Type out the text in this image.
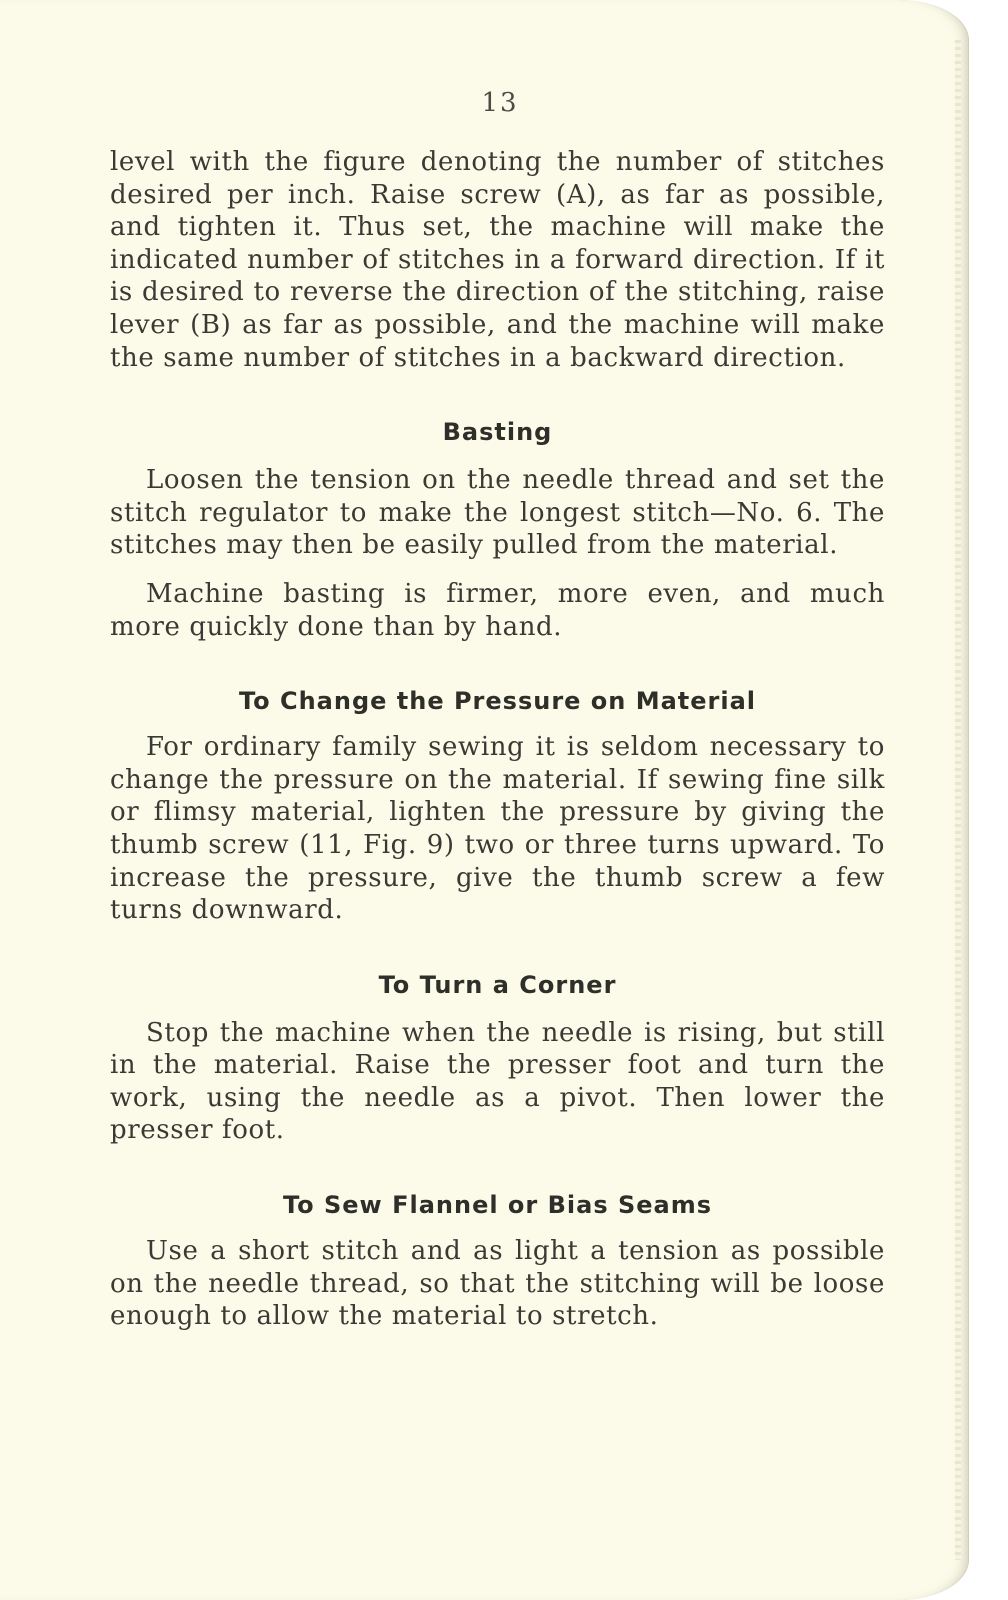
13

level with the figure denoting the number of stitches desired per inch. Raise screw (A), as far as possible, and tighten it. Thus set, the machine will make the indicated number of stitches in a forward direction. If it is desired to reverse the direction of the stitching, raise lever (B) as far as possible, and the machine will make the same number of stitches in a backward direction.

Basting

Loosen the tension on the needle thread and set the stitch regulator to make the longest stitch—No. 6. The stitches may then be easily pulled from the material.

Machine basting is firmer, more even, and much more quickly done than by hand.

To Change the Pressure on Material

For ordinary family sewing it is seldom necessary to change the pressure on the material. If sewing fine silk or flimsy material, lighten the pressure by giving the thumb screw (11, Fig. 9) two or three turns upward. To increase the pressure, give the thumb screw a few turns downward.

To Turn a Corner

Stop the machine when the needle is rising, but still in the material. Raise the presser foot and turn the work, using the needle as a pivot. Then lower the presser foot.

To Sew Flannel or Bias Seams

Use a short stitch and as light a tension as possible on the needle thread, so that the stitching will be loose enough to allow the material to stretch.
